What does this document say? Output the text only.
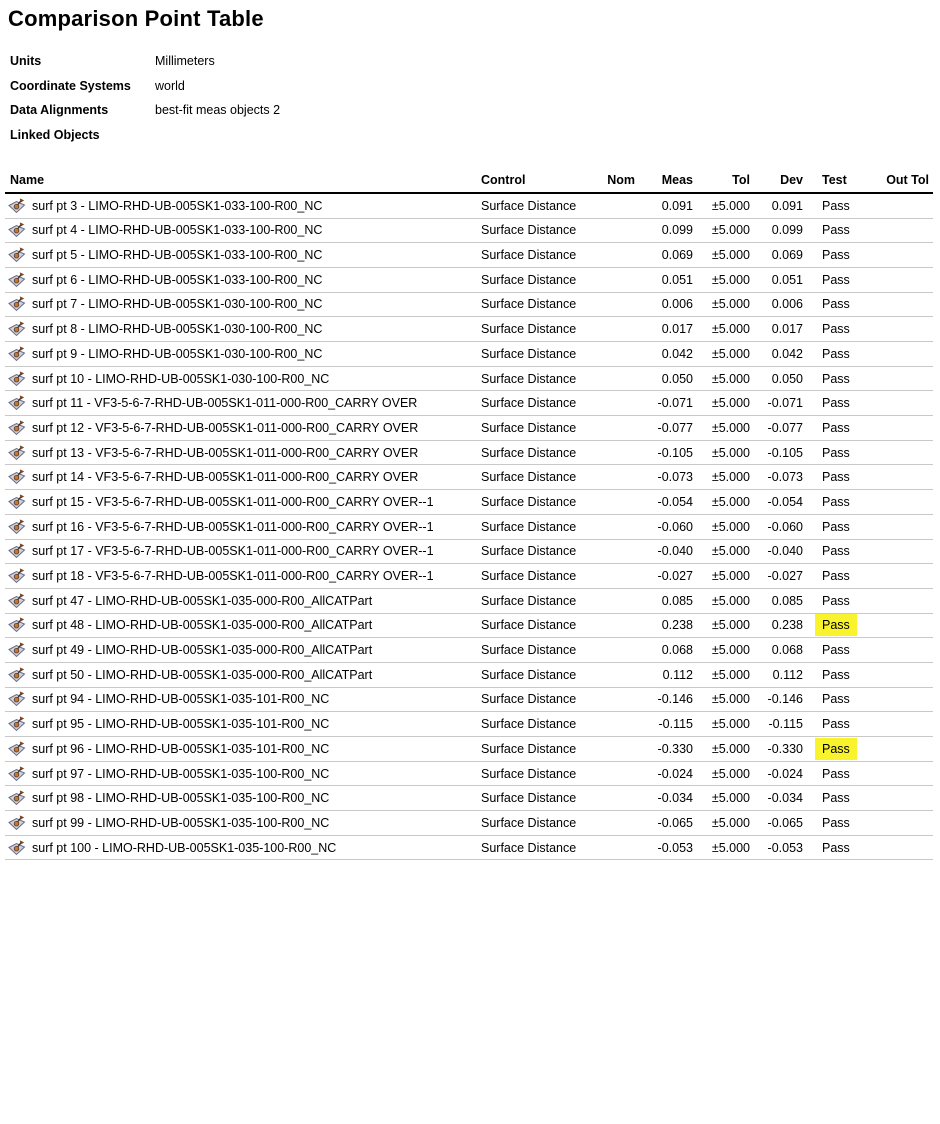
Comparison Point Table
Units	Millimeters
Coordinate Systems	world
Data Alignments	best-fit meas objects 2
Linked Objects
Name	Control	Nom	Meas	Tol	Dev	Test	Out Tol

surf pt 3 - LIMO-RHD-UB-005SK1-033-100-R00_NC	Surface Distance		0.091	±5.000	0.091	Pass	

surf pt 4 - LIMO-RHD-UB-005SK1-033-100-R00_NC	Surface Distance		0.099	±5.000	0.099	Pass	

surf pt 5 - LIMO-RHD-UB-005SK1-033-100-R00_NC	Surface Distance		0.069	±5.000	0.069	Pass	

surf pt 6 - LIMO-RHD-UB-005SK1-033-100-R00_NC	Surface Distance		0.051	±5.000	0.051	Pass	

surf pt 7 - LIMO-RHD-UB-005SK1-030-100-R00_NC	Surface Distance		0.006	±5.000	0.006	Pass	

surf pt 8 - LIMO-RHD-UB-005SK1-030-100-R00_NC	Surface Distance		0.017	±5.000	0.017	Pass	

surf pt 9 - LIMO-RHD-UB-005SK1-030-100-R00_NC	Surface Distance		0.042	±5.000	0.042	Pass	

surf pt 10 - LIMO-RHD-UB-005SK1-030-100-R00_NC	Surface Distance		0.050	±5.000	0.050	Pass	

surf pt 11 - VF3-5-6-7-RHD-UB-005SK1-011-000-R00_CARRY OVER	Surface Distance		-0.071	±5.000	-0.071	Pass	

surf pt 12 - VF3-5-6-7-RHD-UB-005SK1-011-000-R00_CARRY OVER	Surface Distance		-0.077	±5.000	-0.077	Pass	

surf pt 13 - VF3-5-6-7-RHD-UB-005SK1-011-000-R00_CARRY OVER	Surface Distance		-0.105	±5.000	-0.105	Pass	

surf pt 14 - VF3-5-6-7-RHD-UB-005SK1-011-000-R00_CARRY OVER	Surface Distance		-0.073	±5.000	-0.073	Pass	

surf pt 15 - VF3-5-6-7-RHD-UB-005SK1-011-000-R00_CARRY OVER--1	Surface Distance		-0.054	±5.000	-0.054	Pass	

surf pt 16 - VF3-5-6-7-RHD-UB-005SK1-011-000-R00_CARRY OVER--1	Surface Distance		-0.060	±5.000	-0.060	Pass	

surf pt 17 - VF3-5-6-7-RHD-UB-005SK1-011-000-R00_CARRY OVER--1	Surface Distance		-0.040	±5.000	-0.040	Pass	

surf pt 18 - VF3-5-6-7-RHD-UB-005SK1-011-000-R00_CARRY OVER--1	Surface Distance		-0.027	±5.000	-0.027	Pass	

surf pt 47 - LIMO-RHD-UB-005SK1-035-000-R00_AllCATPart	Surface Distance		0.085	±5.000	0.085	Pass	

surf pt 48 - LIMO-RHD-UB-005SK1-035-000-R00_AllCATPart	Surface Distance		0.238	±5.000	0.238	Pass	

surf pt 49 - LIMO-RHD-UB-005SK1-035-000-R00_AllCATPart	Surface Distance		0.068	±5.000	0.068	Pass	

surf pt 50 - LIMO-RHD-UB-005SK1-035-000-R00_AllCATPart	Surface Distance		0.112	±5.000	0.112	Pass	

surf pt 94 - LIMO-RHD-UB-005SK1-035-101-R00_NC	Surface Distance		-0.146	±5.000	-0.146	Pass	

surf pt 95 - LIMO-RHD-UB-005SK1-035-101-R00_NC	Surface Distance		-0.115	±5.000	-0.115	Pass	

surf pt 96 - LIMO-RHD-UB-005SK1-035-101-R00_NC	Surface Distance		-0.330	±5.000	-0.330	Pass	

surf pt 97 - LIMO-RHD-UB-005SK1-035-100-R00_NC	Surface Distance		-0.024	±5.000	-0.024	Pass	

surf pt 98 - LIMO-RHD-UB-005SK1-035-100-R00_NC	Surface Distance		-0.034	±5.000	-0.034	Pass	

surf pt 99 - LIMO-RHD-UB-005SK1-035-100-R00_NC	Surface Distance		-0.065	±5.000	-0.065	Pass	

surf pt 100 - LIMO-RHD-UB-005SK1-035-100-R00_NC	Surface Distance		-0.053	±5.000	-0.053	Pass	
